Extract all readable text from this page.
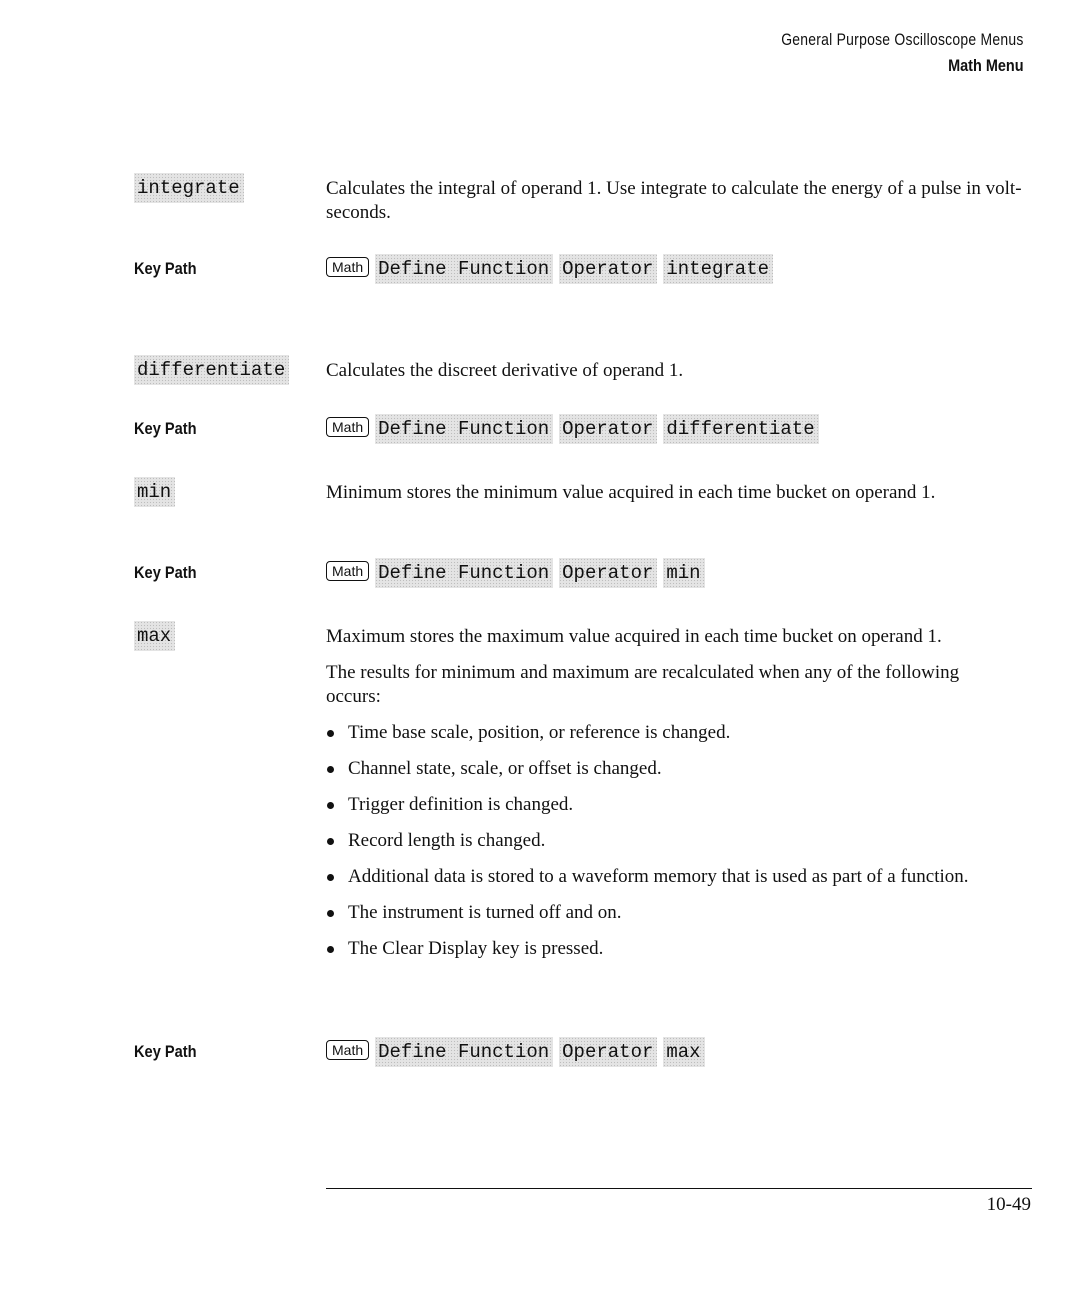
General Purpose Oscilloscope Menus
Math Menu
integrate	Calculates the integral of operand 1. Use integrate to calculate the energy of a pulse in volt-seconds.
Key Path	Math Define Function Operator integrate
differentiate Calculates the discreet derivative of operand 1.
Key Path	Math Define Function Operator differentiate
min	Minimum stores the minimum value acquired in each time bucket on operand 1.
Key Path	Math Define Function Operator min
max	Maximum stores the maximum value acquired in each time bucket on operand 1.

The results for minimum and maximum are recalculated when any of the following occurs:

Time base scale, position, or reference is changed.
Channel state, scale, or offset is changed.
Trigger definition is changed.
Record length is changed.
Additional data is stored to a waveform memory that is used as part of a function.
The instrument is turned off and on.
The Clear Display key is pressed.
Key Path	Math Define Function Operator max
10-49
